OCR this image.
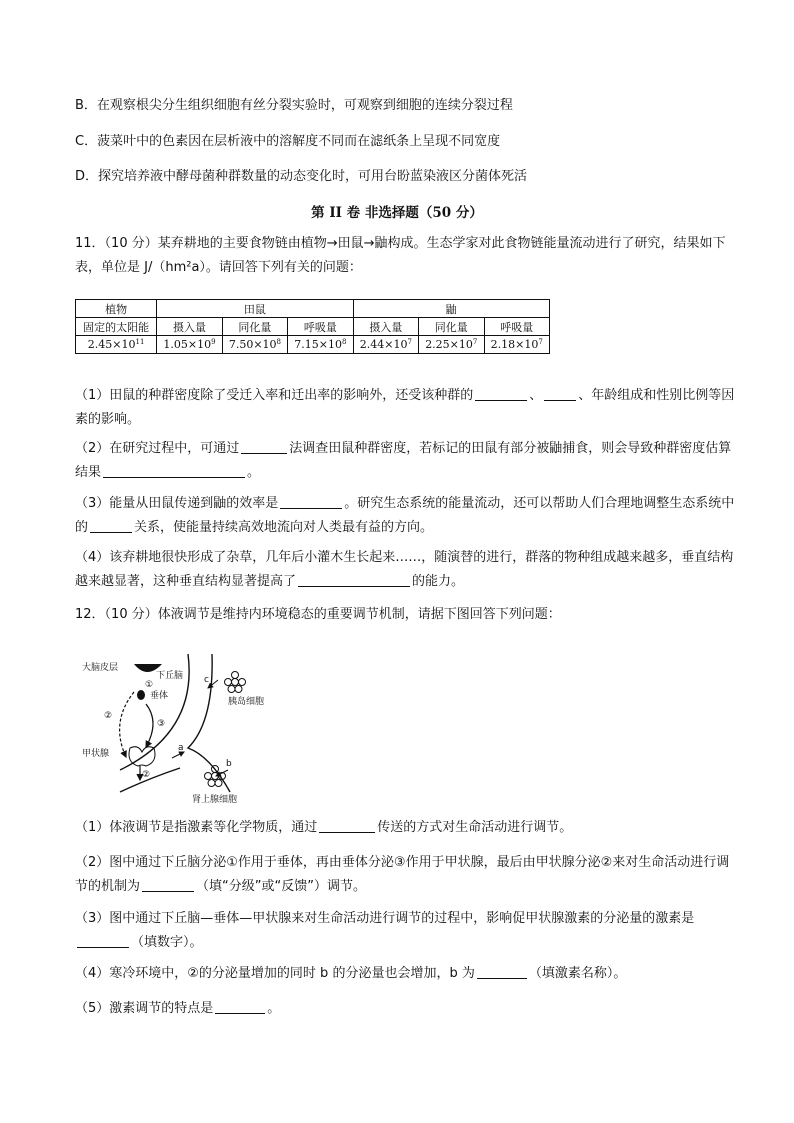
B．在观察根尖分生组织细胞有丝分裂实验时，可观察到细胞的连续分裂过程
C．菠菜叶中的色素因在层析液中的溶解度不同而在滤纸条上呈现不同宽度
D．探究培养液中酵母菌种群数量的动态变化时，可用台盼蓝染液区分菌体死活
第 II 卷 非选择题（50 分）
11．（10 分）某弃耕地的主要食物链由植物→田鼠→鼬构成。生态学家对此食物链能量流动进行了研究，结果如下表，单位是 J/（hm²a）。请回答下列有关的问题：
植物	田鼠			鼬		
固定的太阳能	摄入量	同化量	呼吸量	摄入量	同化量	呼吸量
$2.45\times 10^{11}$	$1.05\times 10^9$	$7.50\times 10^8$	$7.15\times 10^8$	$2.44\times 10^7$	$2.25\times 10^7$	$2.18\times 10^7$
（1）田鼠的种群密度除了受迁入率和迁出率的影响外，还受该种群的	、	、年龄组成和性别比例等因素的影响。
（2）在研究过程中，可通过	法调查田鼠种群密度，若标记的田鼠有部分被鼬捕食，则会导致种群密度估算结果	。
（3）能量从田鼠传递到鼬的效率是	。研究生态系统的能量流动，还可以帮助人们合理地调整生态系统中的	关系，使能量持续高效地流向对人类最有益的方向。
（4）该弃耕地很快形成了杂草，几年后小灌木生长起来……，随演替的进行，群落的物种组成越来越多，垂直结构越来越显著，这种垂直结构显著提高了	的能力。
12．（10 分）体液调节是维持内环境稳态的重要调节机制，请据下图回答下列问题：
大脑皮层
下丘脑
①
垂体
②
③
甲状腺
②
c
胰岛细胞
a
b
肾上腺细胞
（1）体液调节是指激素等化学物质，通过	传送的方式对生命活动进行调节。
（2）图中通过下丘脑分泌①作用于垂体，再由垂体分泌③作用于甲状腺，最后由甲状腺分泌②来对生命活动进行调节的机制为	（填“分级”或“反馈”）调节。
（3）图中通过下丘脑—垂体—甲状腺来对生命活动进行调节的过程中，影响促甲状腺激素的分泌量的激素是（填数字）。
（4）寒冷环境中，②的分泌量增加的同时 b 的分泌量也会增加，b 为	（填激素名称）。
（5）激素调节的特点是	。
